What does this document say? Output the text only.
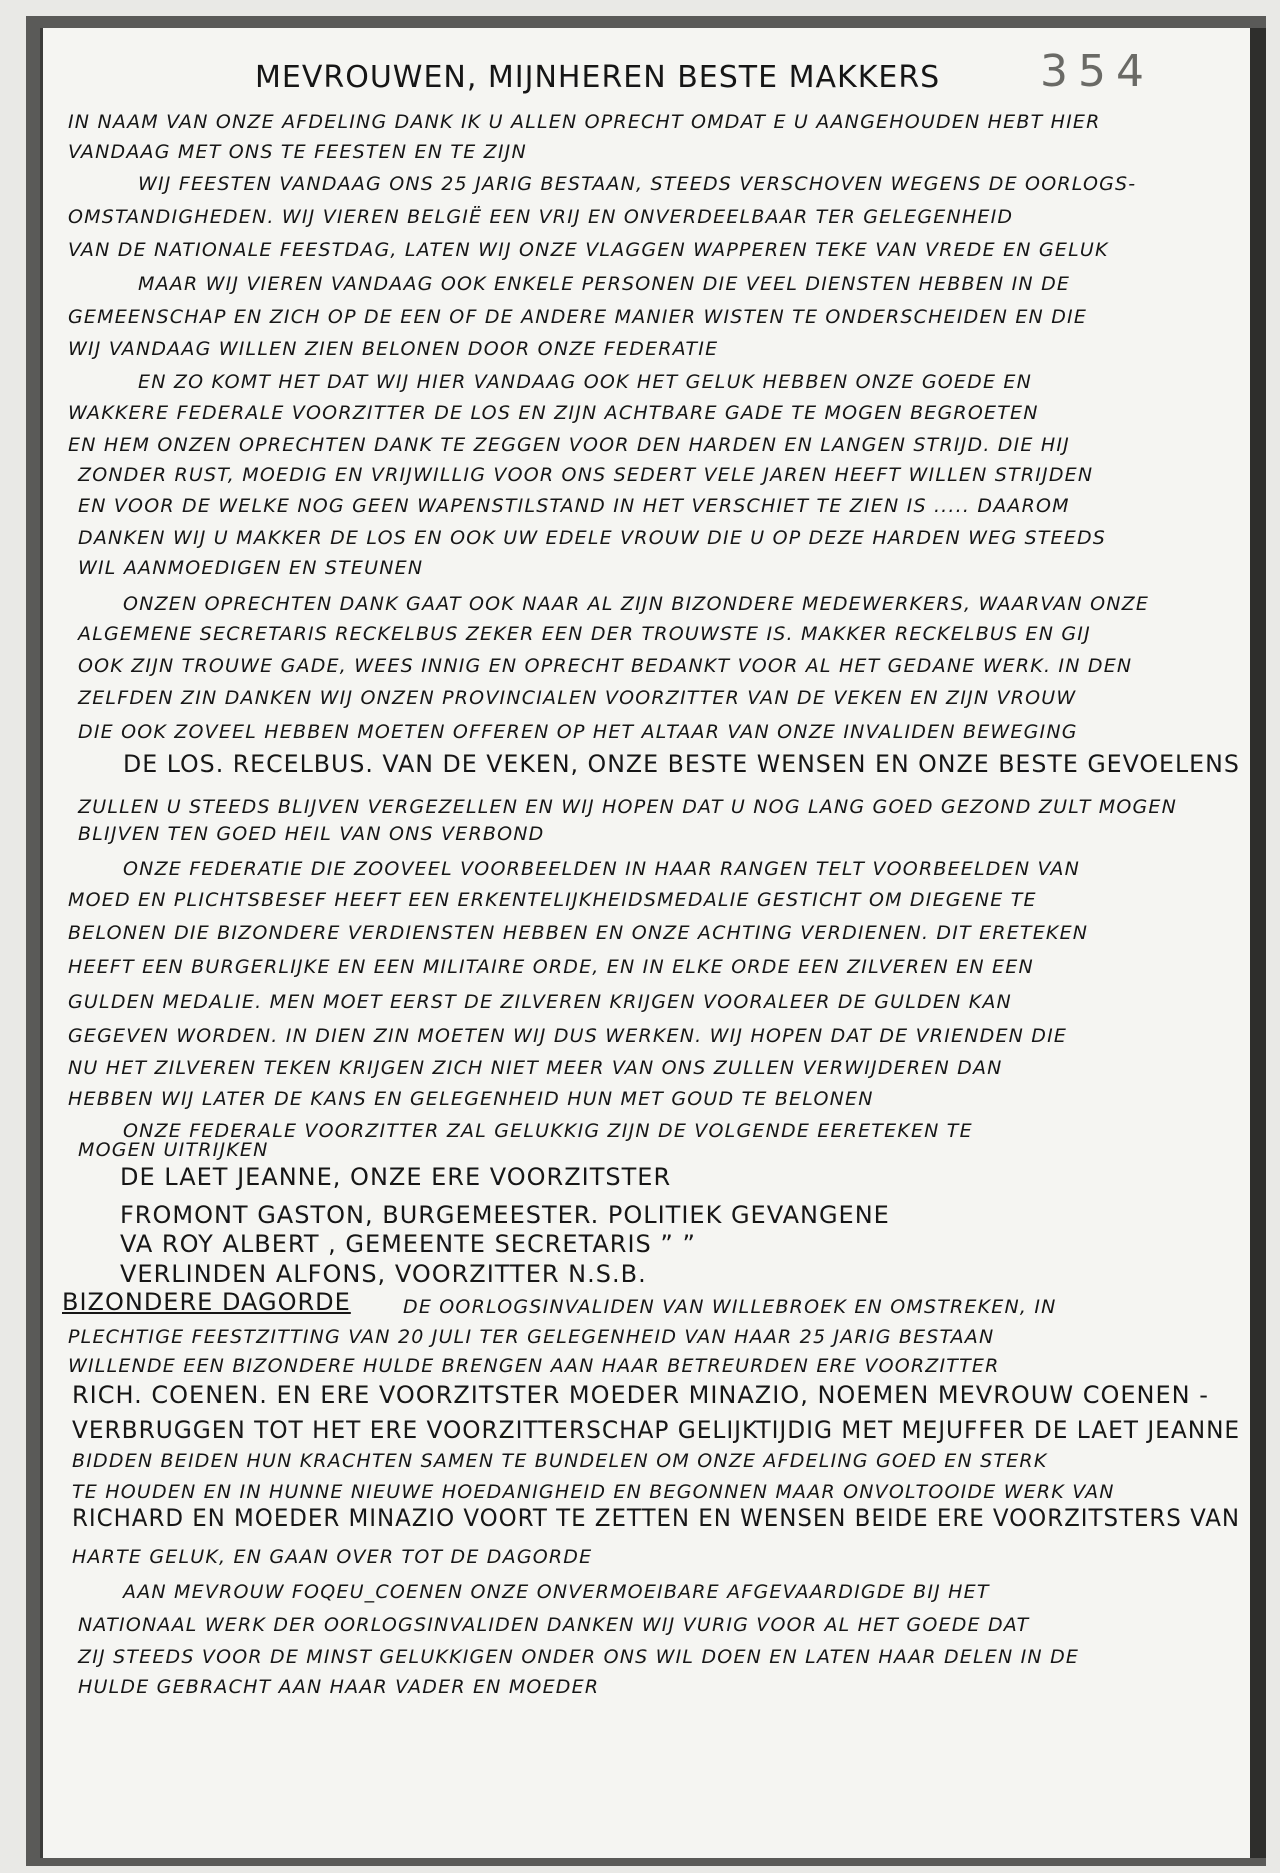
354
MEVROUWEN, MIJNHEREN BESTE MAKKERS
IN NAAM VAN ONZE AFDELING DANK IK U ALLEN OPRECHT OMDAT E U AANGEHOUDEN HEBT HIER
VANDAAG MET ONS TE FEESTEN EN TE ZIJN
WIJ FEESTEN VANDAAG ONS 25 JARIG BESTAAN, STEEDS VERSCHOVEN WEGENS DE OORLOGS-
OMSTANDIGHEDEN. WIJ VIEREN BELGIË EEN VRIJ EN ONVERDEELBAAR TER GELEGENHEID
VAN DE NATIONALE FEESTDAG, LATEN WIJ ONZE VLAGGEN WAPPEREN TEKE VAN VREDE EN GELUK
MAAR WIJ VIEREN VANDAAG OOK ENKELE PERSONEN DIE VEEL DIENSTEN HEBBEN IN DE
GEMEENSCHAP EN ZICH OP DE EEN OF DE ANDERE MANIER WISTEN TE ONDERSCHEIDEN EN DIE
WIJ VANDAAG WILLEN ZIEN BELONEN DOOR ONZE FEDERATIE
EN ZO KOMT HET DAT WIJ HIER VANDAAG OOK HET GELUK HEBBEN ONZE GOEDE EN
WAKKERE FEDERALE VOORZITTER DE LOS EN ZIJN ACHTBARE GADE TE MOGEN BEGROETEN
EN HEM ONZEN OPRECHTEN DANK TE ZEGGEN VOOR DEN HARDEN EN LANGEN STRIJD. DIE HIJ
ZONDER RUST, MOEDIG EN VRIJWILLIG VOOR ONS SEDERT VELE JAREN HEEFT WILLEN STRIJDEN
EN VOOR DE WELKE NOG GEEN WAPENSTILSTAND IN HET VERSCHIET TE ZIEN IS ..... DAAROM
DANKEN WIJ U MAKKER DE LOS EN OOK UW EDELE VROUW DIE U OP DEZE HARDEN WEG STEEDS
WIL AANMOEDIGEN EN STEUNEN
ONZEN OPRECHTEN DANK GAAT OOK NAAR AL ZIJN BIZONDERE MEDEWERKERS, WAARVAN ONZE
ALGEMENE SECRETARIS RECKELBUS ZEKER EEN DER TROUWSTE IS. MAKKER RECKELBUS EN GIJ
OOK ZIJN TROUWE GADE, WEES INNIG EN OPRECHT BEDANKT VOOR AL HET GEDANE WERK. IN DEN
ZELFDEN ZIN DANKEN WIJ ONZEN PROVINCIALEN VOORZITTER VAN DE VEKEN EN ZIJN VROUW
DIE OOK ZOVEEL HEBBEN MOETEN OFFEREN OP HET ALTAAR VAN ONZE INVALIDEN BEWEGING
DE LOS. RECELBUS. VAN DE VEKEN, ONZE BESTE WENSEN EN ONZE BESTE GEVOELENS
ZULLEN U STEEDS BLIJVEN VERGEZELLEN EN WIJ HOPEN DAT U NOG LANG GOED GEZOND ZULT MOGEN
BLIJVEN TEN GOED HEIL VAN ONS VERBOND
ONZE FEDERATIE DIE ZOOVEEL VOORBEELDEN IN HAAR RANGEN TELT VOORBEELDEN VAN
MOED EN PLICHTSBESEF HEEFT EEN ERKENTELIJKHEIDSMEDALIE GESTICHT OM DIEGENE TE
BELONEN DIE BIZONDERE VERDIENSTEN HEBBEN EN ONZE ACHTING VERDIENEN. DIT ERETEKEN
HEEFT EEN BURGERLIJKE EN EEN MILITAIRE ORDE, EN IN ELKE ORDE EEN ZILVEREN EN EEN
GULDEN MEDALIE. MEN MOET EERST DE ZILVEREN KRIJGEN VOORALEER DE GULDEN KAN
GEGEVEN WORDEN. IN DIEN ZIN MOETEN WIJ DUS WERKEN. WIJ HOPEN DAT DE VRIENDEN DIE
NU HET ZILVEREN TEKEN KRIJGEN ZICH NIET MEER VAN ONS ZULLEN VERWIJDEREN DAN
HEBBEN WIJ LATER DE KANS EN GELEGENHEID HUN MET GOUD TE BELONEN
ONZE FEDERALE VOORZITTER ZAL GELUKKIG ZIJN DE VOLGENDE EERETEKEN TE
MOGEN UITRIJKEN
DE LAET JEANNE, ONZE ERE VOORZITSTER
FROMONT GASTON, BURGEMEESTER. POLITIEK GEVANGENE
VA ROY ALBERT , GEMEENTE SECRETARIS ” ”
VERLINDEN ALFONS, VOORZITTER N.S.B.
BIZONDERE DAGORDE	DE OORLOGSINVALIDEN VAN WILLEBROEK EN OMSTREKEN, IN
PLECHTIGE FEESTZITTING VAN 20 JULI TER GELEGENHEID VAN HAAR 25 JARIG BESTAAN
WILLENDE EEN BIZONDERE HULDE BRENGEN AAN HAAR BETREURDEN ERE VOORZITTER
RICH. COENEN. EN ERE VOORZITSTER MOEDER MINAZIO, NOEMEN MEVROUW COENEN -
VERBRUGGEN TOT HET ERE VOORZITTERSCHAP GELIJKTIJDIG MET MEJUFFER DE LAET JEANNE
BIDDEN BEIDEN HUN KRACHTEN SAMEN TE BUNDELEN OM ONZE AFDELING GOED EN STERK
TE HOUDEN EN IN HUNNE NIEUWE HOEDANIGHEID EN BEGONNEN MAAR ONVOLTOOIDE WERK VAN
RICHARD EN MOEDER MINAZIO VOORT TE ZETTEN EN WENSEN BEIDE ERE VOORZITSTERS VAN
HARTE GELUK, EN GAAN OVER TOT DE DAGORDE
AAN MEVROUW FOQEU_COENEN ONZE ONVERMOEIBARE AFGEVAARDIGDE BIJ HET
NATIONAAL WERK DER OORLOGSINVALIDEN DANKEN WIJ VURIG VOOR AL HET GOEDE DAT
ZIJ STEEDS VOOR DE MINST GELUKKIGEN ONDER ONS WIL DOEN EN LATEN HAAR DELEN IN DE
HULDE GEBRACHT AAN HAAR VADER EN MOEDER
